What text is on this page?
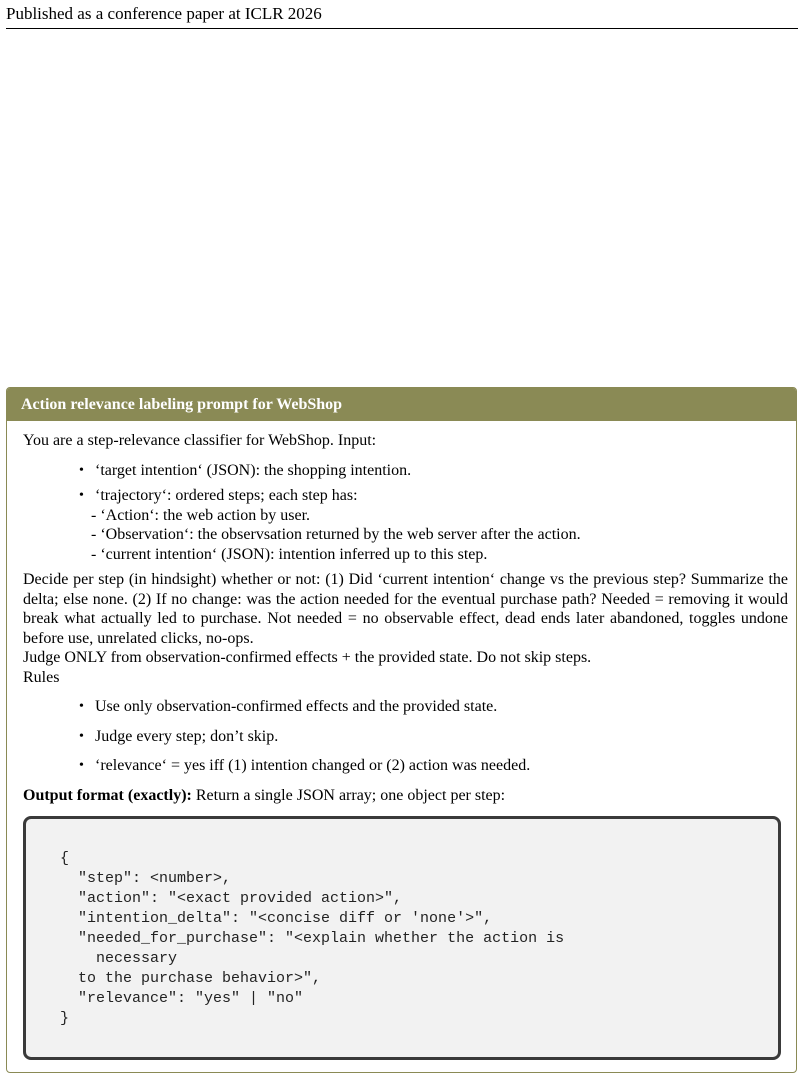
Published as a conference paper at ICLR 2026
Action relevance labeling prompt for WebShop

You are a step-relevance classifier for WebShop. Input:

• ‘target intention‘ (JSON): the shopping intention.
• ‘trajectory‘: ordered steps; each step has:
- ‘Action‘: the web action by user.
- ‘Observation‘: the observsation returned by the web server after the action.
- ‘current intention‘ (JSON): intention inferred up to this step.

Decide per step (in hindsight) whether or not: (1) Did ‘current intention‘ change vs the previous step? Summarize the delta; else none. (2) If no change: was the action needed for the eventual purchase path? Needed = removing it would break what actually led to purchase. Not needed = no observable effect, dead ends later abandoned, toggles undone before use, unrelated clicks, no-ops.

Judge ONLY from observation-confirmed effects + the provided state. Do not skip steps.

Rules

• Use only observation-confirmed effects and the provided state.
• Judge every step; don’t skip.
• ‘relevance‘ = yes iff (1) intention changed or (2) action was needed.

Output format (exactly): Return a single JSON array; one object per step:

{
"step": <number>,
"action": "<exact provided action>",
"intention_delta": "<concise diff or 'none'>",
"needed_for_purchase": "<explain whether the action is
necessary
to the purchase behavior>",
"relevance": "yes" | "no"
}
